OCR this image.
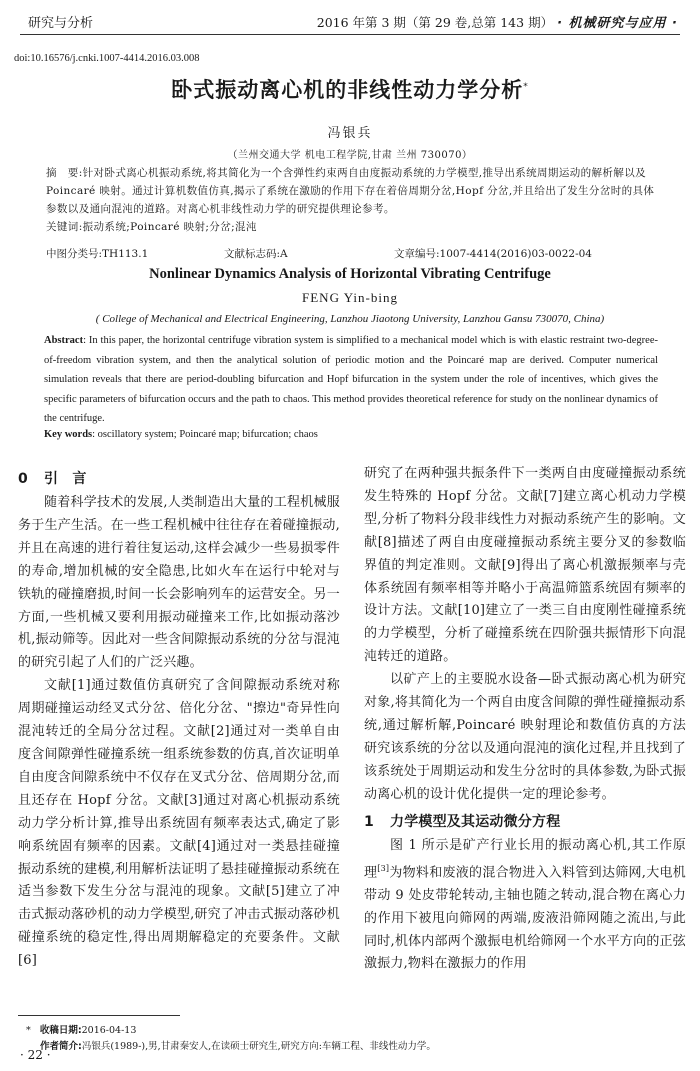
研究与分析	2016 年第 3 期（第 29 卷,总第 143 期） · 机械研究与应用 ·
doi:10.16576/j.cnki.1007-4414.2016.03.008
卧式振动离心机的非线性动力学分析*
冯银兵
（兰州交通大学 机电工程学院,甘肃 兰州 730070）

摘　要:针对卧式离心机振动系统,将其简化为一个含弹性约束两自由度振动系统的力学模型,推导出系统周期运动的解析解以及 Poincaré 映射。通过计算机数值仿真,揭示了系统在激励的作用下存在着倍周期分岔,Hopf 分岔,并且给出了发生分岔时的具体参数以及通向混沌的道路。对离心机非线性动力学的研究提供理论参考。

关键词:振动系统;Poincaré 映射;分岔;混沌

中图分类号:TH113.1	文献标志码:A	文章编号:1007-4414(2016)03-0022-04
Nonlinear Dynamics Analysis of Horizontal Vibrating Centrifuge
FENG Yin-bing
( College of Mechanical and Electrical Engineering, Lanzhou Jiaotong University, Lanzhou Gansu 730070, China)
Abstract: In this paper, the horizontal centrifuge vibration system is simplified to a mechanical model which is with elastic restraint two-degree-of-freedom vibration system, and then the analytical solution of periodic motion and the Poincaré map are derived. Computer numerical simulation reveals that there are period-doubling bifurcation and Hopf bifurcation in the system under the role of incentives, which gives the specific parameters of bifurcation occurs and the path to chaos. This method provides theoretical reference for study on the nonlinear dynamics of the centrifuge.
Key words: oscillatory system; Poincaré map; bifurcation; chaos
0 引　言

随着科学技术的发展,人类制造出大量的工程机械服务于生产生活。在一些工程机械中往往存在着碰撞振动,并且在高速的进行着往复运动,这样会减少一些易损零件的寿命,增加机械的安全隐患,比如火车在运行中轮对与铁轨的碰撞磨损,时间一长会影响列车的运营安全。另一方面,一些机械又要利用振动碰撞来工作,比如振动落沙机,振动筛等。因此对一些含间隙振动系统的分岔与混沌的研究引起了人们的广泛兴趣。

文献[1]通过数值仿真研究了含间隙振动系统对称周期碰撞运动经叉式分岔、倍化分岔、"擦边"奇异性向混沌转迁的全局分岔过程。文献[2]通过对一类单自由度含间隙弹性碰撞系统一组系统参数的仿真,首次证明单自由度含间隙系统中不仅存在叉式分岔、倍周期分岔,而且还存在 Hopf 分岔。文献[3]通过对离心机振动系统动力学分析计算,推导出系统固有频率表达式,确定了影响系统固有频率的因素。文献[4]通过对一类悬挂碰撞振动系统的建模,利用解析法证明了悬挂碰撞振动系统在适当参数下发生分岔与混沌的现象。文献[5]建立了冲击式振动落砂机的动力学模型,研究了冲击式振动落砂机碰撞系统的稳定性,得出周期解稳定的充要条件。文献[6]

研究了在两种强共振条件下一类两自由度碰撞振动系统发生特殊的 Hopf 分岔。文献[7]建立离心机动力学模型,分析了物料分段非线性力对振动系统产生的影响。文献[8]描述了两自由度碰撞振动系统主要分叉的参数临界值的判定准则。文献[9]得出了离心机激振频率与壳体系统固有频率相等并略小于高温筛篮系统固有频率的设计方法。文献[10]建立了一类三自由度刚性碰撞系统的力学模型，分析了碰撞系统在四阶强共振情形下向混沌转迁的道路。

以矿产上的主要脱水设备—卧式振动离心机为研究对象,将其简化为一个两自由度含间隙的弹性碰撞振动系统,通过解析解,Poincaré 映射理论和数值仿真的方法研究该系统的分岔以及通向混沌的演化过程,并且找到了该系统处于周期运动和发生分岔时的具体参数,为卧式振动离心机的设计优化提供一定的理论参考。

1 力学模型及其运动微分方程

图 1 所示是矿产行业长用的振动离心机,其工作原理[3]为物料和废液的混合物进入入料管到达筛网,大电机带动 9 处皮带轮转动,主轴也随之转动,混合物在离心力的作用下被甩向筛网的两端,废液沿筛网随之流出,与此同时,机体内部两个激振电机给筛网一个水平方向的正弦激振力,物料在激振力的作用

* 收稿日期:2016-04-13
作者简介:冯银兵(1989-),男,甘肃秦安人,在读硕士研究生,研究方向:车辆工程、非线性动力学。
· 22 ·
